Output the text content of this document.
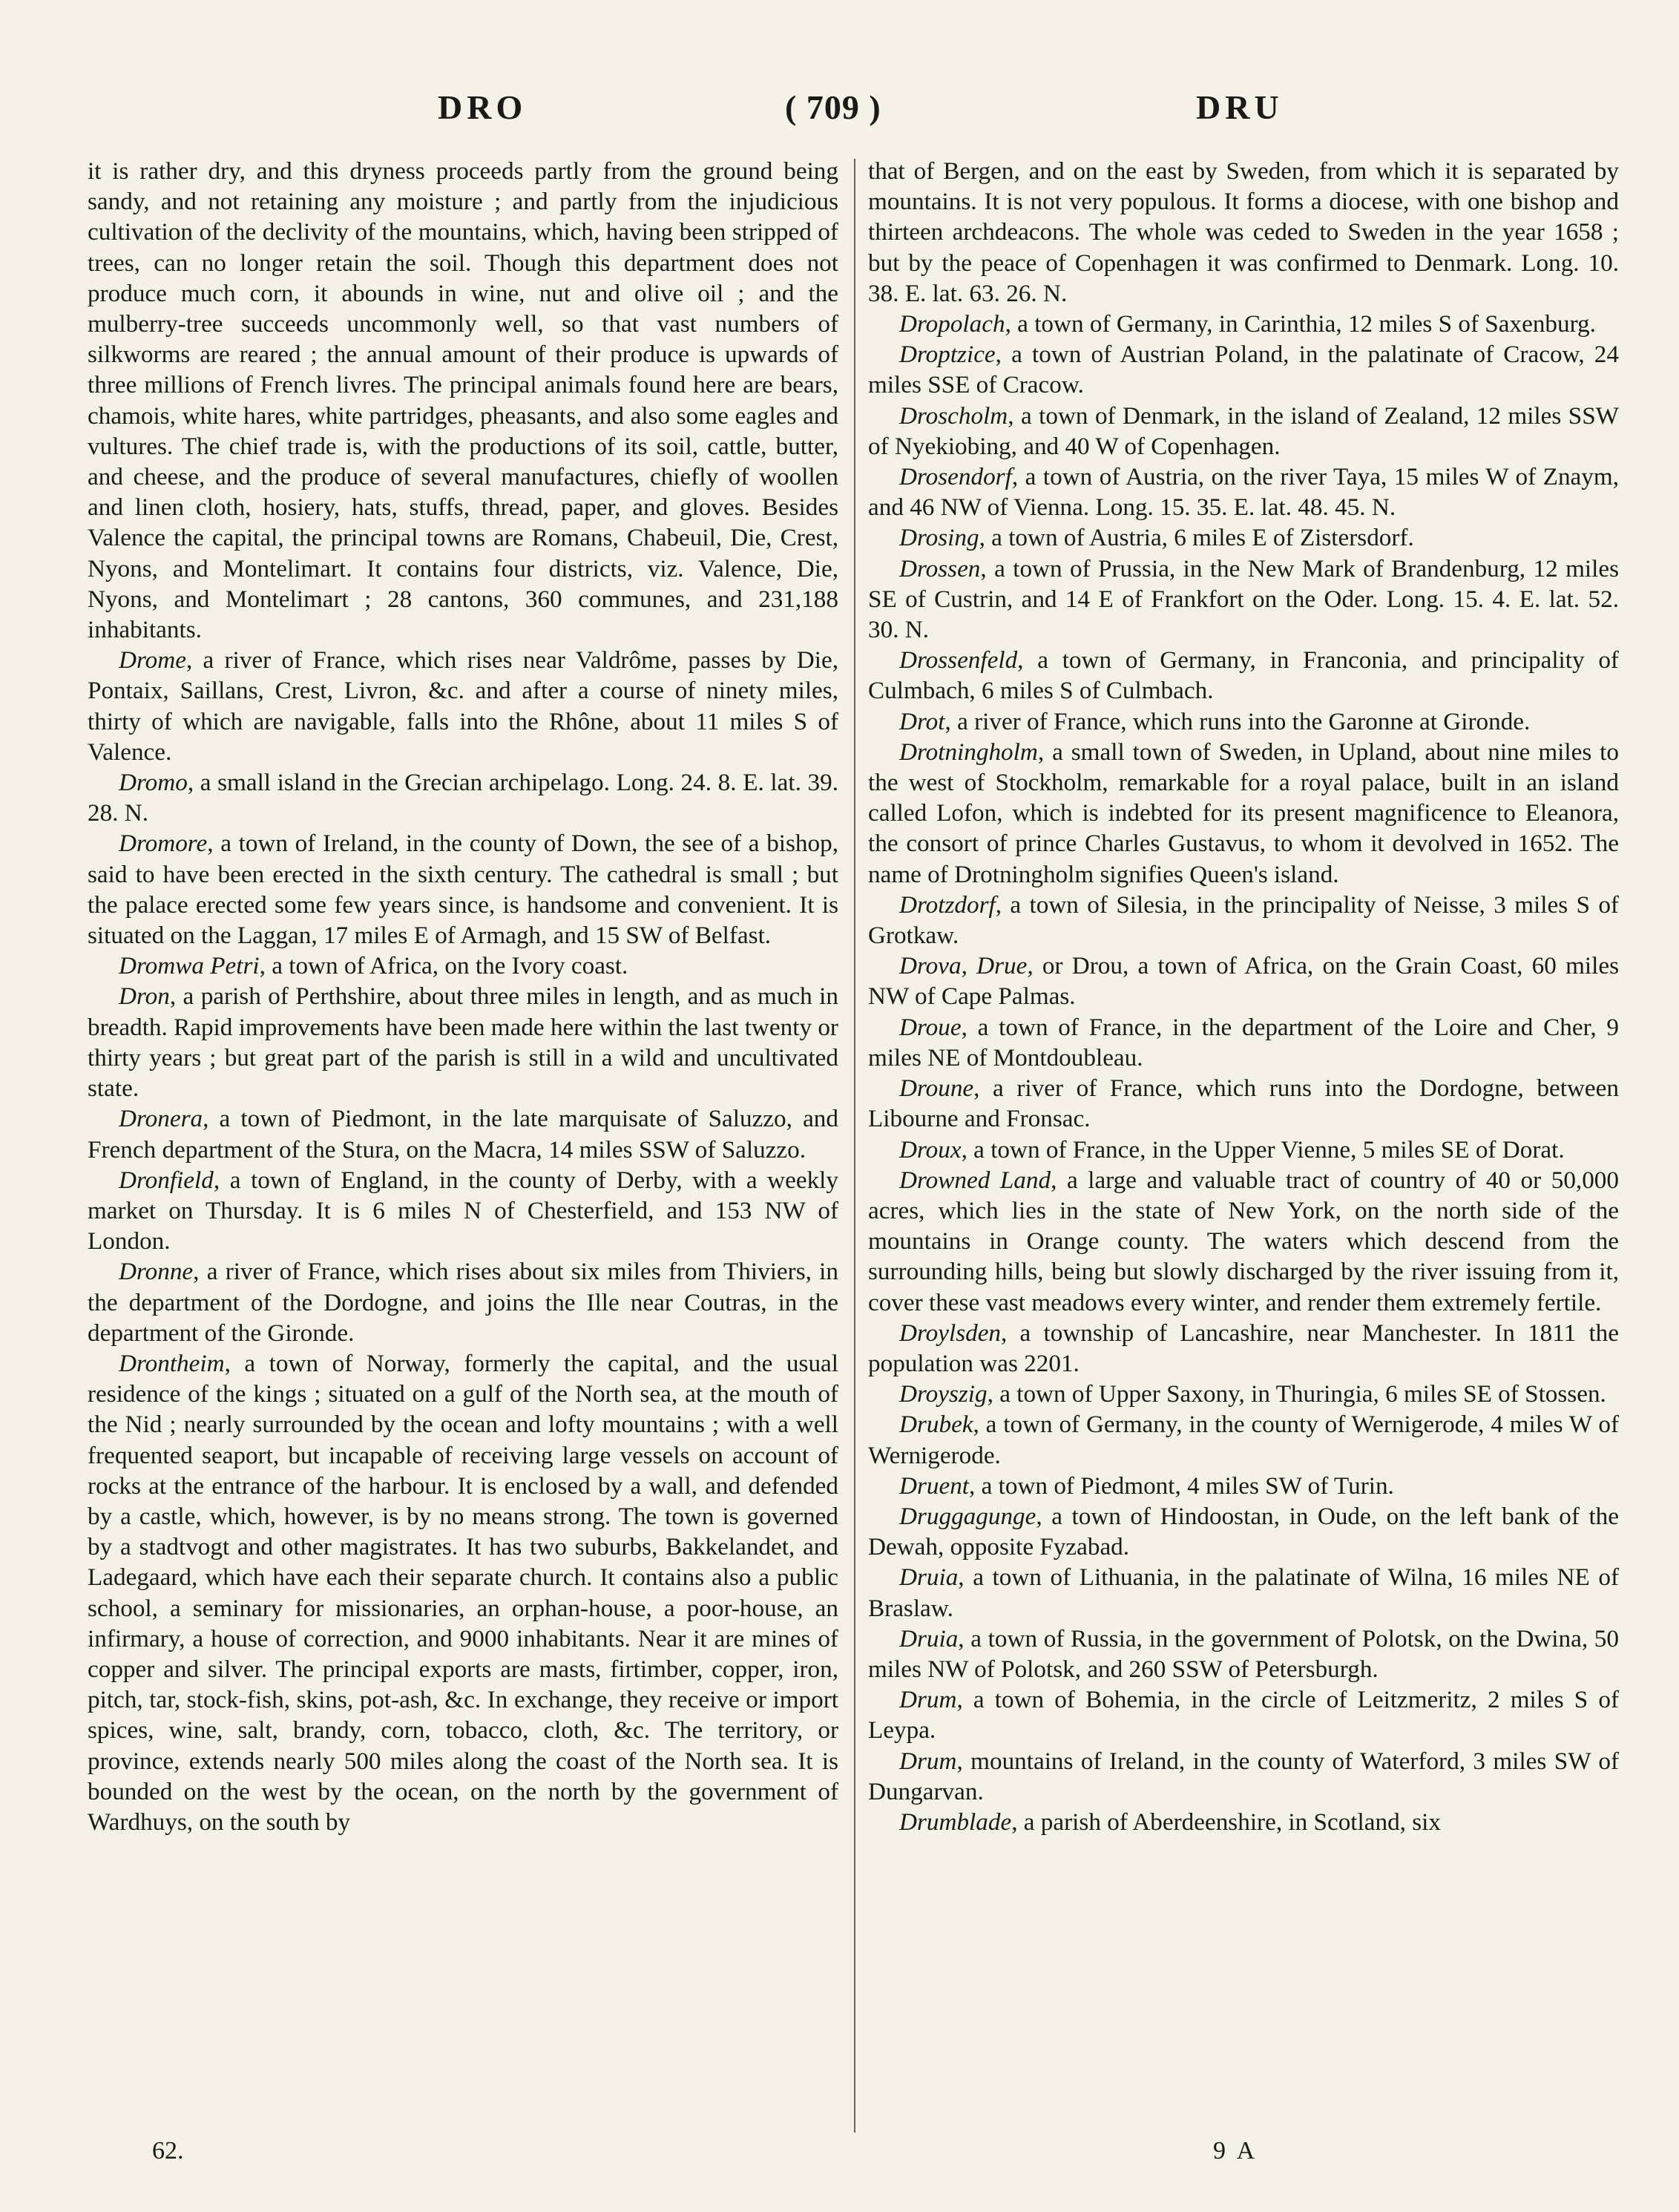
DRO	( 709 )	DRU

it is rather dry, and this dryness proceeds partly from the ground being sandy, and not retaining any moisture ; and partly from the injudicious cultivation of the declivity of the mountains, which, having been stripped of trees, can no longer retain the soil. Though this department does not produce much corn, it abounds in wine, nut and olive oil ; and the mulberry-tree succeeds uncommonly well, so that vast numbers of silkworms are reared ; the annual amount of their produce is upwards of three millions of French livres. The principal animals found here are bears, chamois, white hares, white partridges, pheasants, and also some eagles and vultures. The chief trade is, with the productions of its soil, cattle, butter, and cheese, and the produce of several manufactures, chiefly of woollen and linen cloth, hosiery, hats, stuffs, thread, paper, and gloves. Besides Valence the capital, the principal towns are Romans, Chabeuil, Die, Crest, Nyons, and Montelimart. It contains four districts, viz. Valence, Die, Nyons, and Montelimart ; 28 cantons, 360 communes, and 231,188 inhabitants.

Drome, a river of France, which rises near Valdrôme, passes by Die, Pontaix, Saillans, Crest, Livron, &c. and after a course of ninety miles, thirty of which are navigable, falls into the Rhône, about 11 miles S of Valence.

Dromo, a small island in the Grecian archipelago. Long. 24. 8. E. lat. 39. 28. N.

Dromore, a town of Ireland, in the county of Down, the see of a bishop, said to have been erected in the sixth century. The cathedral is small ; but the palace erected some few years since, is handsome and convenient. It is situated on the Laggan, 17 miles E of Armagh, and 15 SW of Belfast.

Dromwa Petri, a town of Africa, on the Ivory coast.

Dron, a parish of Perthshire, about three miles in length, and as much in breadth. Rapid improvements have been made here within the last twenty or thirty years ; but great part of the parish is still in a wild and uncultivated state.

Dronera, a town of Piedmont, in the late marquisate of Saluzzo, and French department of the Stura, on the Macra, 14 miles SSW of Saluzzo.

Dronfield, a town of England, in the county of Derby, with a weekly market on Thursday. It is 6 miles N of Chesterfield, and 153 NW of London.

Dronne, a river of France, which rises about six miles from Thiviers, in the department of the Dordogne, and joins the Ille near Coutras, in the department of the Gironde.

Drontheim, a town of Norway, formerly the capital, and the usual residence of the kings ; situated on a gulf of the North sea, at the mouth of the Nid ; nearly surrounded by the ocean and lofty mountains ; with a well frequented seaport, but incapable of receiving large vessels on account of rocks at the entrance of the harbour. It is enclosed by a wall, and defended by a castle, which, however, is by no means strong. The town is governed by a stadtvogt and other magistrates. It has two suburbs, Bakkelandet, and Ladegaard, which have each their separate church. It contains also a public school, a seminary for missionaries, an orphan-house, a poor-house, an infirmary, a house of correction, and 9000 inhabitants. Near it are mines of copper and silver. The principal exports are masts, firtimber, copper, iron, pitch, tar, stock-fish, skins, pot-ash, &c. In exchange, they receive or import spices, wine, salt, brandy, corn, tobacco, cloth, &c. The territory, or province, extends nearly 500 miles along the coast of the North sea. It is bounded on the west by the ocean, on the north by the government of Wardhuys, on the south by

that of Bergen, and on the east by Sweden, from which it is separated by mountains. It is not very populous. It forms a diocese, with one bishop and thirteen archdeacons. The whole was ceded to Sweden in the year 1658 ; but by the peace of Copenhagen it was confirmed to Denmark. Long. 10. 38. E. lat. 63. 26. N.

Dropolach, a town of Germany, in Carinthia, 12 miles S of Saxenburg.

Droptzice, a town of Austrian Poland, in the palatinate of Cracow, 24 miles SSE of Cracow.

Droscholm, a town of Denmark, in the island of Zealand, 12 miles SSW of Nyekiobing, and 40 W of Copenhagen.

Drosendorf, a town of Austria, on the river Taya, 15 miles W of Znaym, and 46 NW of Vienna. Long. 15. 35. E. lat. 48. 45. N.

Drosing, a town of Austria, 6 miles E of Zistersdorf.

Drossen, a town of Prussia, in the New Mark of Brandenburg, 12 miles SE of Custrin, and 14 E of Frankfort on the Oder. Long. 15. 4. E. lat. 52. 30. N.

Drossenfeld, a town of Germany, in Franconia, and principality of Culmbach, 6 miles S of Culmbach.

Drot, a river of France, which runs into the Garonne at Gironde.

Drotningholm, a small town of Sweden, in Upland, about nine miles to the west of Stockholm, remarkable for a royal palace, built in an island called Lofon, which is indebted for its present magnificence to Eleanora, the consort of prince Charles Gustavus, to whom it devolved in 1652. The name of Drotningholm signifies Queen's island.

Drotzdorf, a town of Silesia, in the principality of Neisse, 3 miles S of Grotkaw.

Drova, Drue, or Drou, a town of Africa, on the Grain Coast, 60 miles NW of Cape Palmas.

Droue, a town of France, in the department of the Loire and Cher, 9 miles NE of Montdoubleau.

Droune, a river of France, which runs into the Dordogne, between Libourne and Fronsac.

Droux, a town of France, in the Upper Vienne, 5 miles SE of Dorat.

Drowned Land, a large and valuable tract of country of 40 or 50,000 acres, which lies in the state of New York, on the north side of the mountains in Orange county. The waters which descend from the surrounding hills, being but slowly discharged by the river issuing from it, cover these vast meadows every winter, and render them extremely fertile.

Droylsden, a township of Lancashire, near Manchester. In 1811 the population was 2201.

Droyszig, a town of Upper Saxony, in Thuringia, 6 miles SE of Stossen.

Drubek, a town of Germany, in the county of Wernigerode, 4 miles W of Wernigerode.

Druent, a town of Piedmont, 4 miles SW of Turin.

Druggagunge, a town of Hindoostan, in Oude, on the left bank of the Dewah, opposite Fyzabad.

Druia, a town of Lithuania, in the palatinate of Wilna, 16 miles NE of Braslaw.

Druia, a town of Russia, in the government of Polotsk, on the Dwina, 50 miles NW of Polotsk, and 260 SSW of Petersburgh.

Drum, a town of Bohemia, in the circle of Leitzmeritz, 2 miles S of Leypa.

Drum, mountains of Ireland, in the county of Waterford, 3 miles SW of Dungarvan.

Drumblade, a parish of Aberdeenshire, in Scotland, six

62.	9 A
